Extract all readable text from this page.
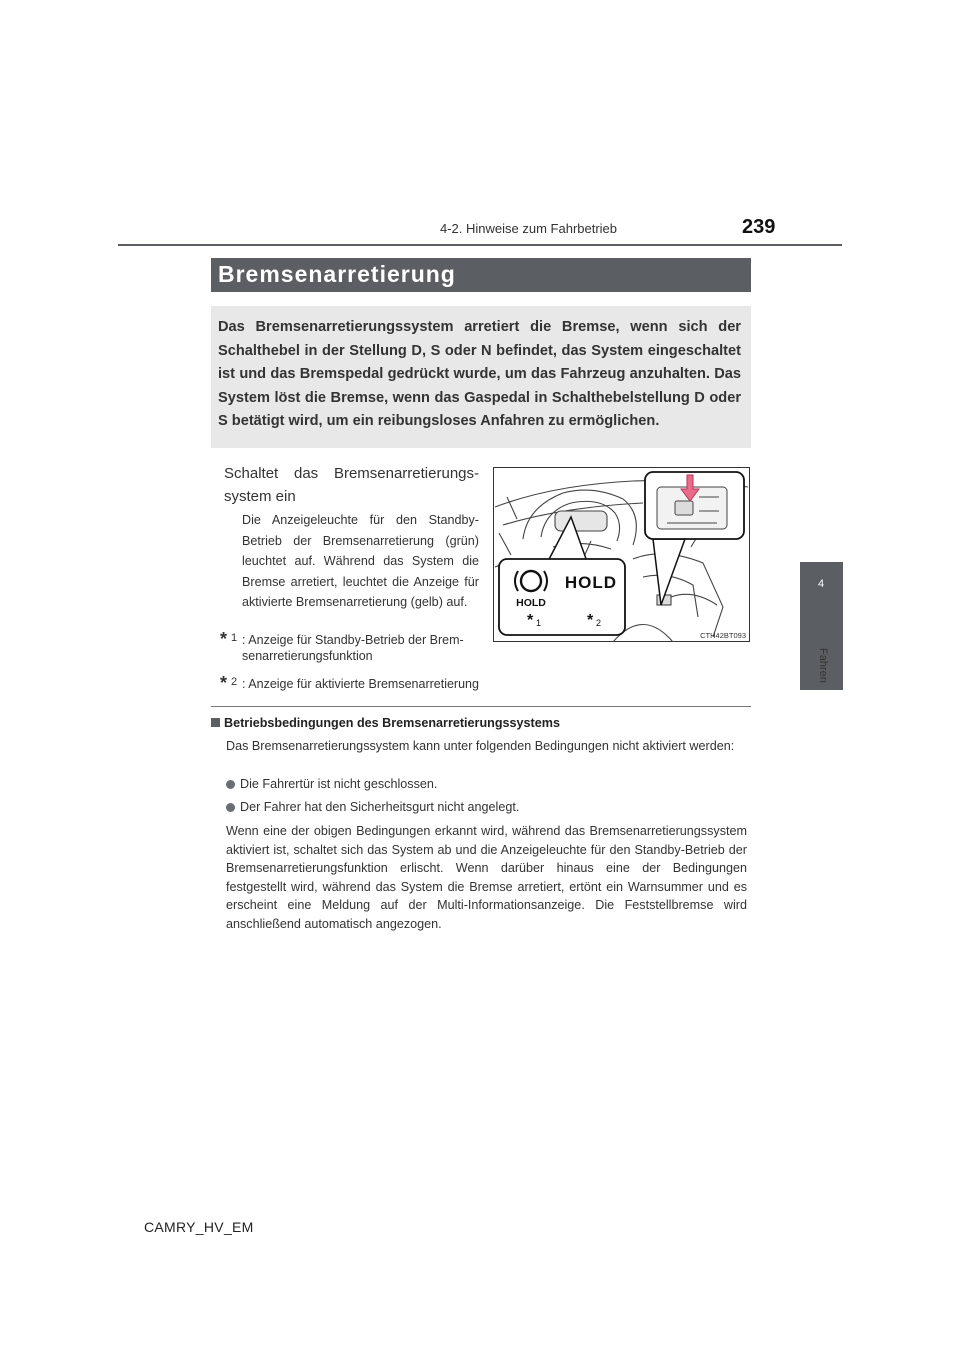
4-2. Hinweise zum Fahrbetrieb	239
4
Fahren
Bremsenarretierung

Das Bremsenarretierungssystem arretiert die Bremse, wenn sich der Schalthebel in der Stellung D, S oder N befindet, das System eingeschaltet ist und das Bremspedal gedrückt wurde, um das Fahrzeug anzuhalten. Das System löst die Bremse, wenn das Gaspedal in Schalthebelstellung D oder S betätigt wird, um ein reibungsloses Anfahren zu ermöglichen.

Schaltet das Bremsenarretierungssystem ein

Die Anzeigeleuchte für den Standby-Betrieb der Bremsenarretierung (grün) leuchtet auf. Während das System die Bremse arretiert, leuchtet die Anzeige für aktivierte Bremsenarretierung (gelb) auf.

* 1 : Anzeige für Standby-Betrieb der Bremsenarretierungsfunktion
* 2 : Anzeige für aktivierte Bremsenarretierung
HOLD
HOLD
* 1	* 2
CTH42BT093
Betriebsbedingungen des Bremsenarretierungssystems

Das Bremsenarretierungssystem kann unter folgenden Bedingungen nicht aktiviert werden:

Die Fahrertür ist nicht geschlossen.
Der Fahrer hat den Sicherheitsgurt nicht angelegt.

Wenn eine der obigen Bedingungen erkannt wird, während das Bremsenarretierungssystem aktiviert ist, schaltet sich das System ab und die Anzeigeleuchte für den Standby-Betrieb der Bremsenarretierungsfunktion erlischt. Wenn darüber hinaus eine der Bedingungen festgestellt wird, während das System die Bremse arretiert, ertönt ein Warnsummer und es erscheint eine Meldung auf der Multi-Informationsanzeige. Die Feststellbremse wird anschließend automatisch angezogen.

CAMRY_HV_EM
